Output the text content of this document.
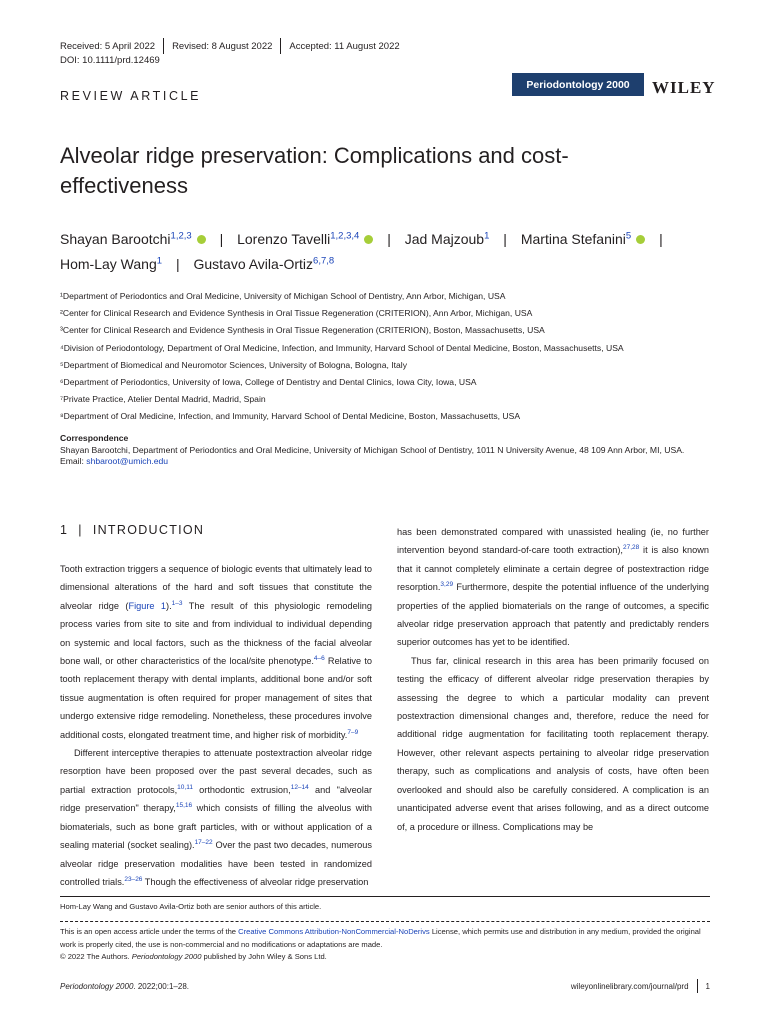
Received: 5 April 2022 Revised: 8 August 2022 Accepted: 11 August 2022
DOI: 10.1111/prd.12469
Periodontology 2000	WILEY
REVIEW ARTICLE
Alveolar ridge preservation: Complications and cost-
effectiveness
Shayan Barootchi$^{1,2,3}$ | Lorenzo Tavelli$^{1,2,3,4}$ | Jad Majzoub$^1$ | Martina Stefanini$^5$ |
Hom-Lay Wang$^1$ | Gustavo Avila-Ortiz$^{6,7,8}$
¹Department of Periodontics and Oral Medicine, University of Michigan School of Dentistry, Ann Arbor, Michigan, USA
²Center for Clinical Research and Evidence Synthesis in Oral Tissue Regeneration (CRITERION), Ann Arbor, Michigan, USA
³Center for Clinical Research and Evidence Synthesis in Oral Tissue Regeneration (CRITERION), Boston, Massachusetts, USA
⁴Division of Periodontology, Department of Oral Medicine, Infection, and Immunity, Harvard School of Dental Medicine, Boston, Massachusetts, USA
⁵Department of Biomedical and Neuromotor Sciences, University of Bologna, Bologna, Italy
⁶Department of Periodontics, University of Iowa, College of Dentistry and Dental Clinics, Iowa City, Iowa, USA
⁷Private Practice, Atelier Dental Madrid, Madrid, Spain
⁸Department of Oral Medicine, Infection, and Immunity, Harvard School of Dental Medicine, Boston, Massachusetts, USA
Correspondence
Shayan Barootchi, Department of Periodontics and Oral Medicine, University of Michigan School of Dentistry, 1011 N University Avenue, 48 109 Ann Arbor, MI, USA.
Email: shbaroot@umich.edu
1 | INTRODUCTION

Tooth extraction triggers a sequence of biologic events that ultimately lead to dimensional alterations of the hard and soft tissues that constitute the alveolar ridge (Figure 1).$^{1-3}$ The result of this physiologic remodeling process varies from site to site and from individual to individual depending on systemic and local factors, such as the thickness of the facial alveolar bone wall, or other characteristics of the local/site phenotype.$^{4-6}$ Relative to tooth replacement therapy with dental implants, additional bone and/or soft tissue augmentation is often required for proper management of sites that undergo extensive ridge remodeling. Nonetheless, these procedures involve additional costs, elongated treatment time, and higher risk of morbidity.$^{7-9}$

Different interceptive therapies to attenuate postextraction alveolar ridge resorption have been proposed over the past several decades, such as partial extraction protocols,$^{10,11}$ orthodontic extrusion,$^{12-14}$ and "alveolar ridge preservation" therapy,$^{15,16}$ which consists of filling the alveolus with biomaterials, such as bone graft particles, with or without application of a sealing material (socket sealing).$^{17-22}$ Over the past two decades, numerous alveolar ridge preservation modalities have been tested in randomized controlled trials.$^{23-26}$ Though the effectiveness of alveolar ridge preservation

has been demonstrated compared with unassisted healing (ie, no further intervention beyond standard-of-care tooth extraction),$^{27,28}$ it is also known that it cannot completely eliminate a certain degree of postextraction ridge resorption.$^{3,29}$ Furthermore, despite the potential influence of the underlying properties of the applied biomaterials on the range of outcomes, a specific alveolar ridge preservation approach that patently and predictably renders superior outcomes has yet to be identified.

Thus far, clinical research in this area has been primarily focused on testing the efficacy of different alveolar ridge preservation therapies by assessing the degree to which a particular modality can prevent postextraction dimensional changes and, therefore, reduce the need for additional ridge augmentation for facilitating tooth replacement therapy. However, other relevant aspects pertaining to alveolar ridge preservation therapy, such as complications and analysis of costs, have often been overlooked and should also be carefully considered. A complication is an unanticipated adverse event that arises following, and as a direct outcome of, a procedure or illness. Complications may be

Hom-Lay Wang and Gustavo Avila-Ortiz both are senior authors of this article.
This is an open access article under the terms of the Creative Commons Attribution-NonCommercial-NoDerivs License, which permits use and distribution in any medium, provided the original work is properly cited, the use is non-commercial and no modifications or adaptations are made.
© 2022 The Authors. Periodontology 2000 published by John Wiley & Sons Ltd.
Periodontology 2000. 2022;00:1–28.	wileyonlinelibrary.com/journal/prd 1
